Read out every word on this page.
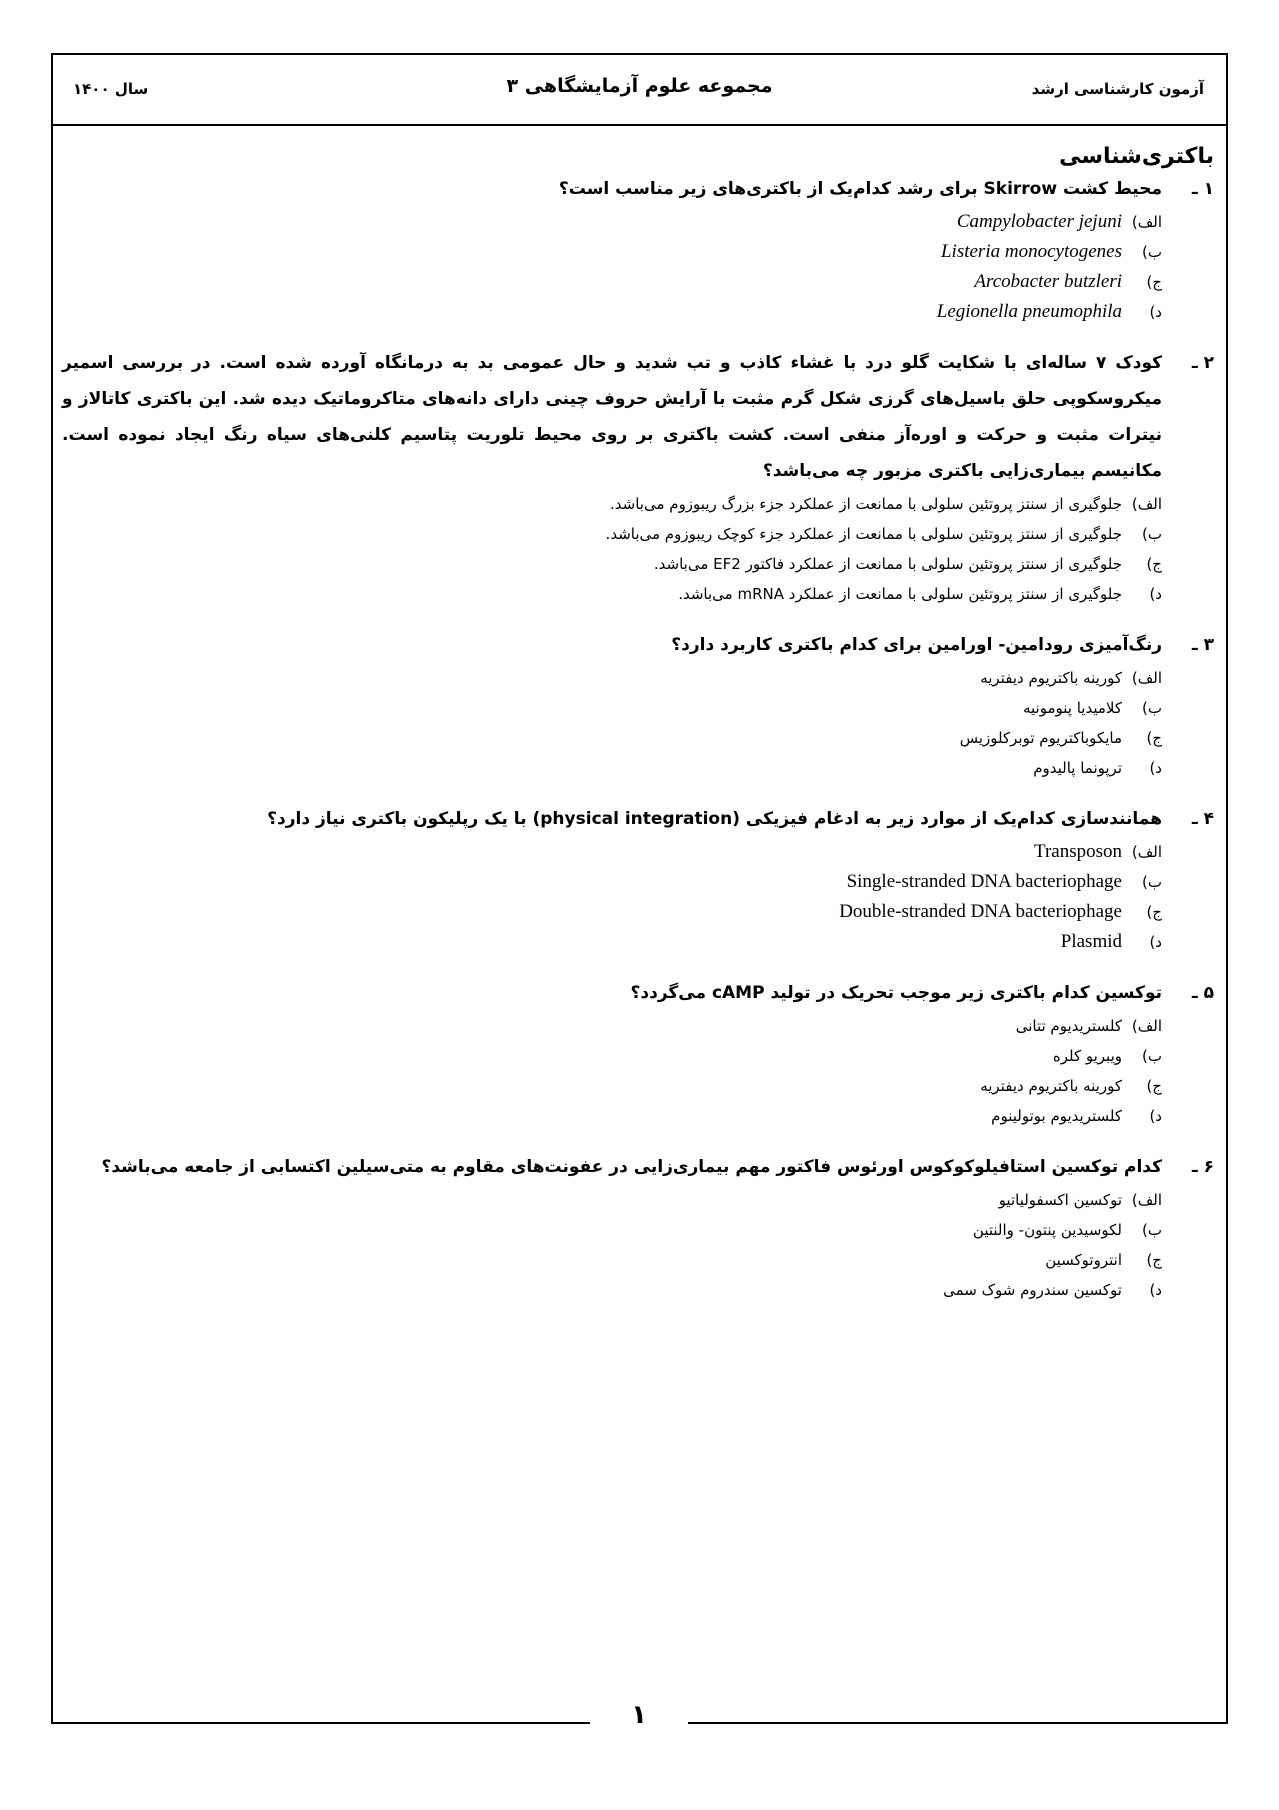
آزمون کارشناسی ارشد
مجموعه علوم آزمایشگاهی ۳
سال ۱۴۰۰
باکتری‌شناسی
۱ ـ
محیط کشت Skirrow برای رشد کدام‌یک از باکتری‌های زیر مناسب است؟
الف)
Campylobacter jejuni
ب)
Listeria monocytogenes
ج)
Arcobacter butzleri
د)
Legionella pneumophila
۲ ـ
کودک ۷ ساله‌ای با شکایت گلو درد با غشاء کاذب و تب شدید و حال عمومی بد به درمانگاه آورده شده است. در بررسی اسمیر میکروسکوپی حلق باسیل‌های گرزی شکل گرم مثبت با آرایش حروف چینی دارای دانه‌های متاکروماتیک دیده شد. این باکتری کاتالاز و نیترات مثبت و حرکت و اوره‌آز منفی است. کشت باکتری بر روی محیط تلوریت پتاسیم کلنی‌های سیاه رنگ ایجاد نموده است. مکانیسم بیماری‌زایی باکتری مزبور چه می‌باشد؟
الف)
جلوگیری از سنتز پروتئین سلولی با ممانعت از عملکرد جزء بزرگ ریبوزوم می‌باشد.
ب)
جلوگیری از سنتز پروتئین سلولی با ممانعت از عملکرد جزء کوچک ریبوزوم می‌باشد.
ج)
جلوگیری از سنتز پروتئین سلولی با ممانعت از عملکرد فاکتور EF2 می‌باشد.
د)
جلوگیری از سنتز پروتئین سلولی با ممانعت از عملکرد mRNA می‌باشد.
۳ ـ
رنگ‌آمیزی رودامین- اورامین برای کدام باکتری کاربرد دارد؟
الف)
کورینه باکتریوم دیفتریه
ب)
کلامیدیا پنومونیه
ج)
مایکوباکتریوم توبرکلوزیس
د)
ترپونما پالیدوم
۴ ـ
همانندسازی کدام‌یک از موارد زیر به ادغام فیزیکی (physical integration) با یک رپلیکون باکتری نیاز دارد؟
الف)
Transposon
ب)
Single-stranded DNA bacteriophage
ج)
Double-stranded DNA bacteriophage
د)
Plasmid
۵ ـ
توکسین کدام باکتری زیر موجب تحریک در تولید cAMP می‌گردد؟
الف)
کلستریدیوم تتانی
ب)
ویبریو کلره
ج)
کورینه باکتریوم دیفتریه
د)
کلستریدیوم بوتولینوم
۶ ـ
کدام توکسین استافیلوکوکوس اورئوس فاکتور مهم بیماری‌زایی در عفونت‌های مقاوم به متی‌سیلین اکتسابی از جامعه می‌باشد؟
الف)
توکسین اکسفولیاتیو
ب)
لکوسیدین پنتون- والنتین
ج)
انتروتوکسین
د)
توکسین سندروم شوک سمی
۱
